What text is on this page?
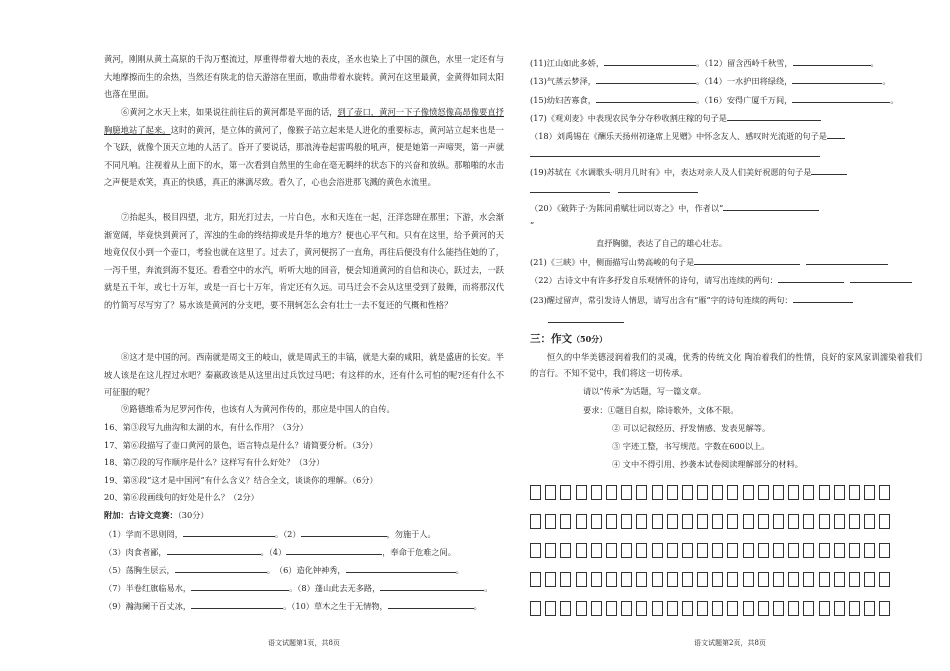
黄河，刚刚从黄土高原的千沟万壑流过，厚重得带着大地的表皮，圣水也染上了中国的颜色，水里一定还有与大地摩擦而生的余热，当然还有陕北的信天游溶在里面，歌曲带着水旋转。黄河在这里最黄，金黄得如同太阳也落在里面。

⑥黄河之水天上来，如果说往前往后的黄河都是平面的话，到了壶口，黄河一下子像愤怒像高昂像要直抒胸臆地站了起来。这时的黄河，是立体的黄河了，像猴子站立起来是人进化的重要标志，黄河站立起来也是一个飞跃，就像个顶天立地的人活了。昏开了要说话，那浪涛卷起雷鸣般的吼声，便是她第一声啼哭，第一声就不同凡响。注视着从上面下的水，第一次看到自然里的生命在毫无羁绊的状态下的兴奋和放纵。那啪啪的水击之声便是欢笑，真正的快感，真正的淋漓尽致。看久了，心也会浴进那飞溅的黄色水流里。

⑦抬起头，极目四望，北方，阳光打过去，一片白色，水和天连在一起，汪洋恣肆在那里；下游，水会渐渐宽阔，毕竟快到黄河了，浑浊的生命的终结抑或是升华的地方？便也心平气和。只有在这里，给予黄河的天地竟仅仅小到一个壶口，考验也就在这里了。过去了，黄河便拐了一直角，再往后便没有什么能挡住她的了，一泻千里，奔流到海不复还。看看空中的水汽，听听大地的回音，便会知道黄河的自信和决心，跃过去，一跃就是五千年，或七十万年，或是一百七十万年，肯定还有久远。司马迁会不会从这里受到了鼓舞，而将那汉代的竹简写尽写穷了？易水该是黄河的分支吧，要不荆轲怎么会有壮士一去不复还的气概和性格？

⑧这才是中国的河。西南就是周文王的岐山，就是周武王的丰镐，就是大秦的咸阳，就是盛唐的长安。半坡人该是在这儿捏过水吧？秦嬴政该是从这里出过兵饮过马吧；有这样的水，还有什么可怕的呢?还有什么不可征服的呢？

⑨路德维希为尼罗河作传，也该有人为黄河作传的，那应是中国人的自传。

16、第③段写九曲沟和太湖的水，有什么作用？（3分）

17、第⑥段描写了壶口黄河的景色，语言特点是什么？请简要分析。（3分）

18、第⑦段的写作顺序是什么？这样写有什么好处？（3分）

19、第⑧段“这才是中国河”有什么含义？结合全文，谈谈你的理解。（6分）

20、第⑥段画线句的好处是什么？（2分）

附加：古诗文竞赛：（30分）

（1）学而不思则罔，	。（2）	，勿施于人。

（3）肉食者鄙，	。（4）	，奉命于危难之间。

（5）荡胸生层云，	。　（6）造化钟神秀，	。

（7）半卷红旗临易水，	。（8）蓬山此去无多路，	。

（9）瀚海阑干百丈冰，	。（10）草木之生于无情物，	。

语文试题第1页，共8页

(11)江山如此多娇，	。（12）留含西岭千秋雪，	。

(13)气蒸云梦泽，	。（14）一水护田将绿绕，	。

(15)幼妇苦寡食，	。（16）安得广厦千万间，	。

(17)《观刈麦》中表现农民争分夺秒收割庄稼的句子是

（18）刘禹锡在《酬乐天扬州初逢席上见赠》中怀念友人、感叹时光流逝的句子是

(19)苏轼在《水调歌头·明月几时有》中，表达对亲人及人们美好祝愿的句子是

（20）《破阵子·为陈同甫赋壮词以寄之》中，作者以“

”

直抒胸臆，表达了自己的雄心壮志。

(21)《三峡》中，侧面描写山势高峻的句子是

（22）古诗文中有许多抒发自乐观情怀的诗句，请写出连续的两句：

(23)醒过留声，常引发诗人情思，请写出含有“雁”字的诗句连续的两句：

三：作文（50分）

恒久的中华美德浸润着我们的灵魂，优秀的传统文化 陶冶着我们的性情，良好的家风家训濡染着我们的言行。不知不觉中，我们将这一切传承。

请以“传承”为话题，写一篇文章。

要求：①题目自拟，除诗歌外，文体不限。

② 可以记叙经历、抒发情感、发表见解等。

③ 字迹工整，书写规范。字数在600以上。

④ 文中不得引用、抄袭本试卷阅读理解部分的材料。

语文试题第2页，共8页
